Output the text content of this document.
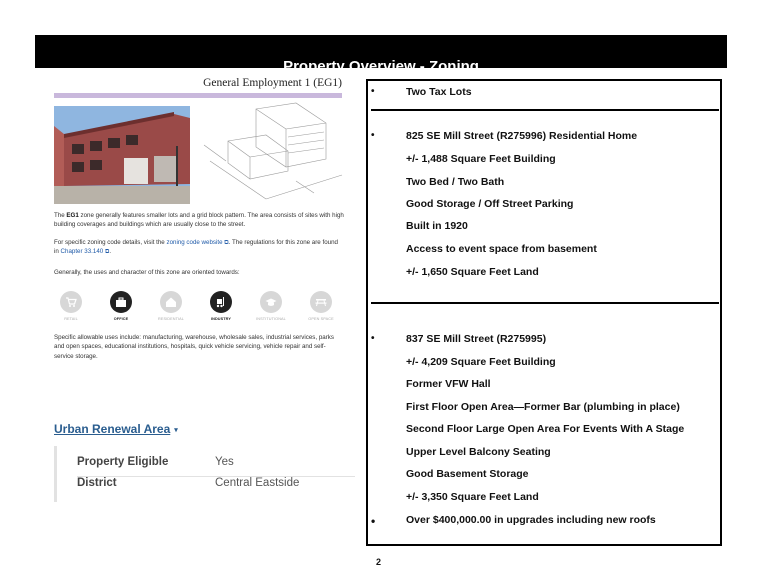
Property Overview - Zoning
General Employment 1 (EG1)
The EG1 zone generally features smaller lots and a grid block pattern. The area consists of sites with high building coverages and buildings which are usually close to the street.
For specific zoning code details, visit the zoning code website ⧉. The regulations for this zone are found in Chapter 33.140 ⧉.
Generally, the uses and character of this zone are oriented towards:
RETAIL	OFFICE	RESIDENTIAL	INDUSTRY	INSTITUTIONAL	OPEN SPACE
Specific allowable uses include: manufacturing, warehouse, wholesale sales, industrial services, parks and open spaces, educational institutions, hospitals, quick vehicle servicing, vehicle repair and self-service storage.
Urban Renewal Area ▾
Property Eligible	Yes
District	Central Eastside
•	Two Tax Lots
•	825 SE Mill Street (R275996) Residential Home
+/- 1,488 Square Feet Building
Two Bed / Two Bath
Good Storage / Off Street Parking
Built in 1920
Access to event space from basement
+/- 1,650 Square Feet Land
•	837 SE Mill Street (R275995)
+/- 4,209 Square Feet Building
Former VFW Hall
First Floor Open Area—Former Bar (plumbing in place)
Second Floor Large Open Area For Events With A Stage
Upper Level Balcony Seating
Good Basement Storage
+/- 3,350 Square Feet Land
•	Over $400,000.00 in upgrades including new roofs
2
